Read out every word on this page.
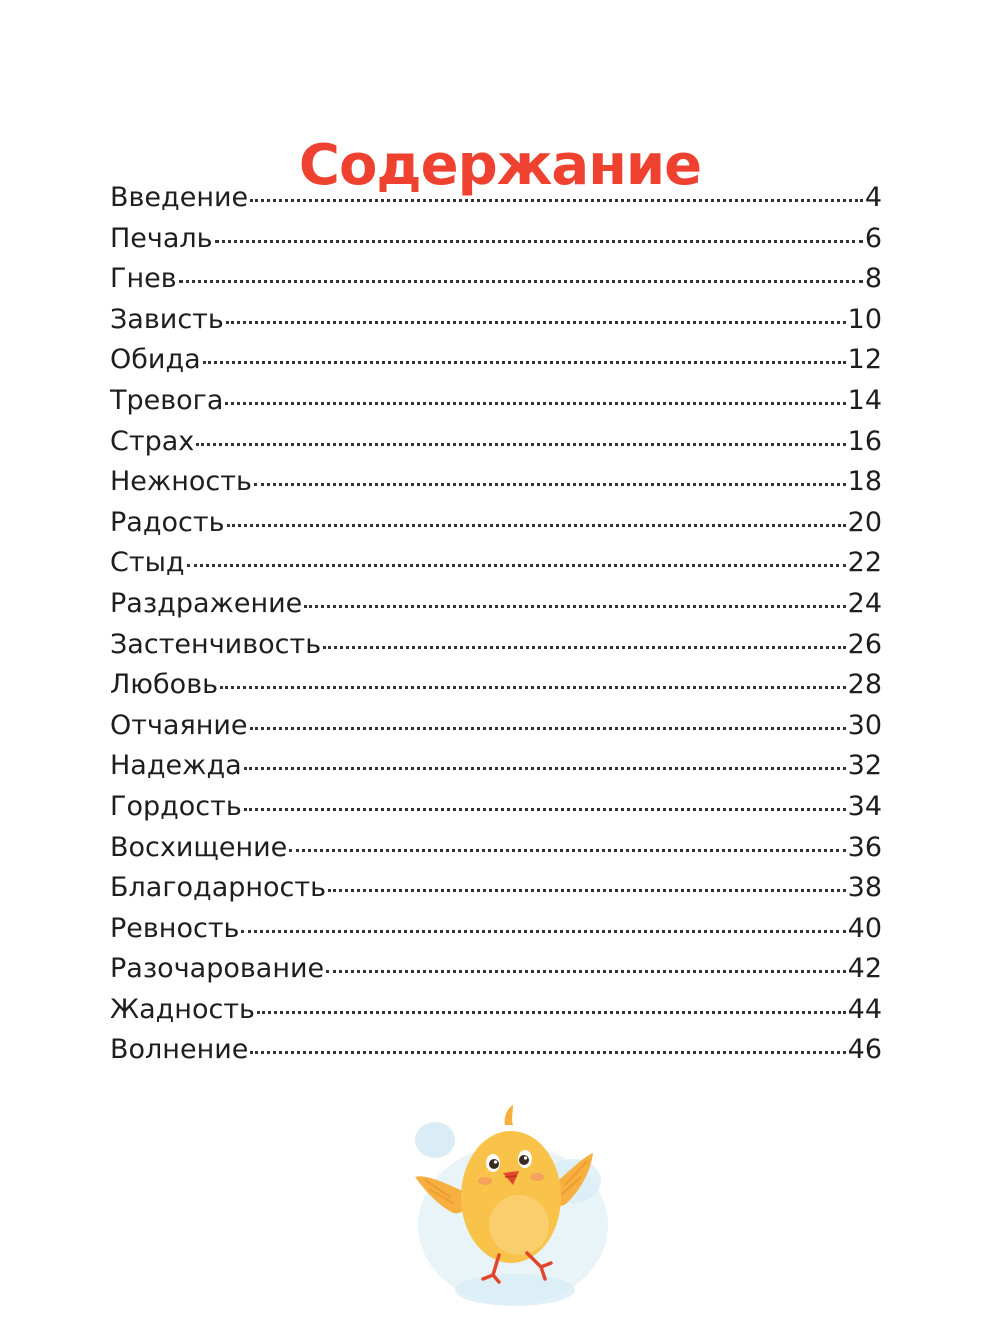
Содержание
Введение	4
Печаль	6
Гнев	8
Зависть	10
Обида	12
Тревога	14
Страх	16
Нежность	18
Радость	20
Стыд	22
Раздражение	24
Застенчивость	26
Любовь	28
Отчаяние	30
Надежда	32
Гордость	34
Восхищение	36
Благодарность	38
Ревность	40
Разочарование	42
Жадность	44
Волнение	46
